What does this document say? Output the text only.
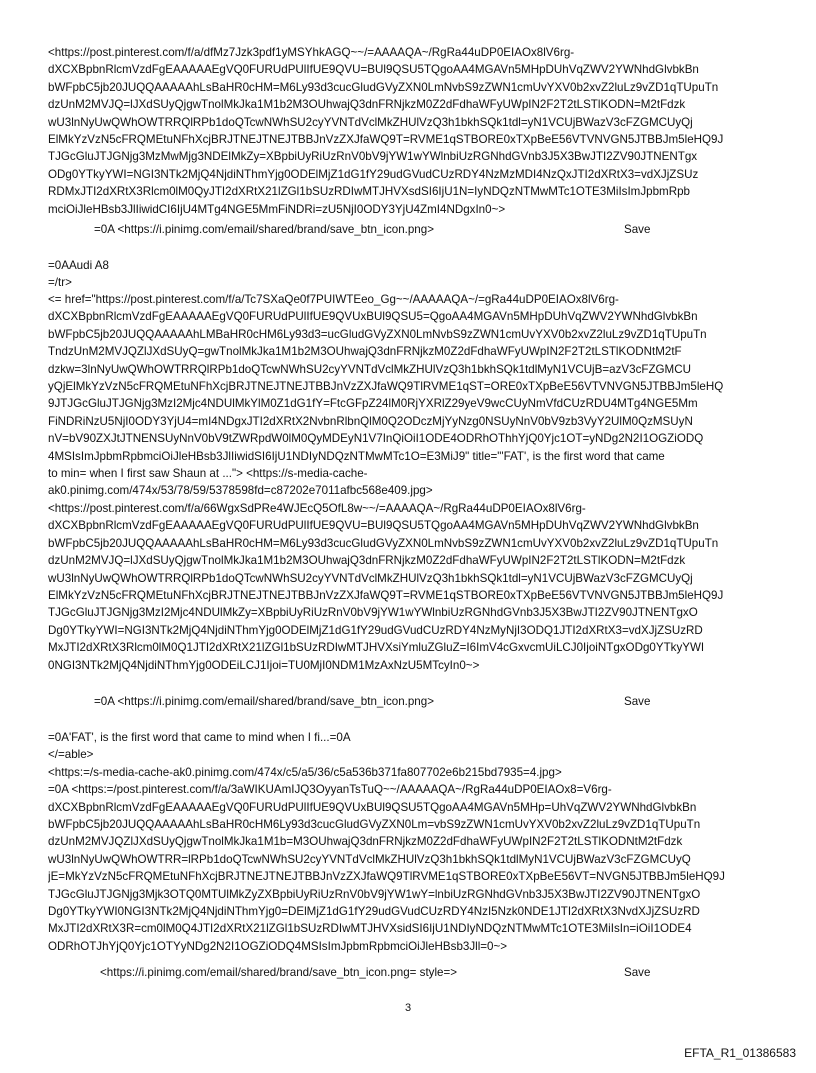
<https://post.pinterest.com/f/a/dfMz7Jzk3pdf1yMSYhkAGQ~~/=AAAAQA~/RgRa44uDP0EIAOx8lV6rg-
dXCXBpbnRlcmVzdFgEAAAAAEgVQ0FURUdPUlIfUE9QVU=BUl9QSU5TQgoAA4MGAVn5MHpDUhVqZWV2YWNhdGlvbkBn
bWFpbC5jb20JUQQAAAAAhLsBaHR0cHM=M6Ly93d3cucGludGVyZXN0LmNvbS9zZWN1cmUvYXV0b2xvZ2luLz9vZD1qTUpuTn
dzUnM2MVJQ=lJXdSUyQjgwTnolMkJka1M1b2M3OUhwajQ3dnFRNjkzM0Z2dFdhaWFyUWpIN2F2T2tLSTlKODN=M2tFdzk
wU3lnNyUwQWhOWTRRQlRPb1doQTcwNWhSU2cyYVNTdVclMkZHUlVzQ3h1bkhSQk1tdl=yN1VCUjBWazV3cFZGMCUyQj
ElMkYzVzN5cFRQMEtuNFhXcjBRJTNEJTNEJTBBJnVzZXJfaWQ9T=RVME1qSTBORE0xTXpBeE56VTVNVGN5JTBBJm5leHQ9J
TJGcGluJTJGNjg3MzMwMjg3NDElMkZy=XBpbiUyRiUzRnV0bV9jYW1wYWlnbiUzRGNhdGVnb3J5X3BwJTI2ZV90JTNENTgx
ODg0YTkyYWI=NGI3NTk2MjQ4NjdiNThmYjg0ODElMjZ1dG1fY29udGVudCUzRDY4NzMzMDI4NzQxJTI2dXRtX3=vdXJjZSUz
RDMxJTI2dXRtX3Rlcm0lM0QyJTI2dXRtX21lZGl1bSUzRDIwMTJHVXsdSI6IjU1N=IyNDQzNTMwMTc1OTE3MiIsImJpbmRpb
mciOiJleHBsb3JlIiwidCI6IjU4MTg4NGE5MmFiNDRi=zU5NjI0ODY3YjU4ZmI4NDgxIn0~>
=0A <https://i.pinimg.com/email/shared/brand/save_btn_icon.png>	Save
=0AAudi A8
=/tr>
<= href="https://post.pinterest.com/f/a/Tc7SXaQe0f7PUIWTEeo_Gg~~/AAAAAQA~/=gRa44uDP0EIAOx8lV6rg-
dXCXBpbnRlcmVzdFgEAAAAAEgVQ0FURUdPUlIfUE9QVUxBUl9QSU5=QgoAA4MGAVn5MHpDUhVqZWV2YWNhdGlvbkBn
bWFpbC5jb20JUQQAAAAAhLMBaHR0cHM6Ly93d3=ucGludGVyZXN0LmNvbS9zZWN1cmUvYXV0b2xvZ2luLz9vZD1qTUpuTn
TndzUnM2MVJQZlJXdSUyQ=gwTnolMkJka1M1b2M3OUhwajQ3dnFRNjkzM0Z2dFdhaWFyUWpIN2F2T2tLSTlKODNtM2tF
dzkw=3lnNyUwQWhOWTRRQlRPb1doQTcwNWhSU2cyYVNTdVclMkZHUlVzQ3h1bkhSQk1tdlMyN1VCUjB=azV3cFZGMCU
yQjElMkYzVzN5cFRQMEtuNFhXcjBRJTNEJTNEJTBBJnVzZXJfaWQ9TlRVME1qST=ORE0xTXpBeE56VTVNVGN5JTBBJm5leHQ
9JTJGcGluJTJGNjg3MzI2Mjc4NDUlMkYlM0Z1dG1fY=FtcGFpZ24lM0RjYXRlZ29yeV9wcCUyNmVfdCUzRDU4MTg4NGE5Mm
FiNDRiNzU5NjI0ODY3YjU4=mI4NDgxJTI2dXRtX2NvbnRlbnQlM0Q2ODczMjYyNzg0NSUyNnV0bV9zb3VyY2UlM0QzMSUyN
nV=bV90ZXJtJTNENSUyNnV0bV9tZWRpdW0lM0QyMDEyN1V7InQiOiI1ODE4ODRhOThhYjQ0Yjc1OT=yNDg2N2I1OGZiODQ
4MSIsImJpbmRpbmciOiJleHBsb3JlIiwidSI6IjU1NDIyNDQzNTMwMTc1O=E3MiJ9" title="'FAT', is the first word that came
to min= when I first saw Shaun at ..."> <https://s-media-cache-
ak0.pinimg.com/474x/53/78/59/5378598fd=c87202e7011afbc568e409.jpg>
<https://post.pinterest.com/f/a/66WgxSdPRe4WJEcQ5OfL8w~~/=AAAAQA~/RgRa44uDP0EIAOx8lV6rg-
dXCXBpbnRlcmVzdFgEAAAAAEgVQ0FURUdPUlIfUE9QVU=BUl9QSU5TQgoAA4MGAVn5MHpDUhVqZWV2YWNhdGlvbkBn
bWFpbC5jb20JUQQAAAAAhLsBaHR0cHM=M6Ly93d3cucGludGVyZXN0LmNvbS9zZWN1cmUvYXV0b2xvZ2luLz9vZD1qTUpuTn
dzUnM2MVJQ=lJXdSUyQjgwTnolMkJka1M1b2M3OUhwajQ3dnFRNjkzM0Z2dFdhaWFyUWpIN2F2T2tLSTlKODN=M2tFdzk
wU3lnNyUwQWhOWTRRQlRPb1doQTcwNWhSU2cyYVNTdVclMkZHUlVzQ3h1bkhSQk1tdl=yN1VCUjBWazV3cFZGMCUyQj
ElMkYzVzN5cFRQMEtuNFhXcjBRJTNEJTNEJTBBJnVzZXJfaWQ9T=RVME1qSTBORE0xTXpBeE56VTVNVGN5JTBBJm5leHQ9J
TJGcGluJTJGNjg3MzI2Mjc4NDUlMkZy=XBpbiUyRiUzRnV0bV9jYW1wYWlnbiUzRGNhdGVnb3J5X3BwJTI2ZV90JTNENTgxO
Dg0YTkyYWI=NGI3NTk2MjQ4NjdiNThmYjg0ODElMjZ1dG1fY29udGVudCUzRDY4NzMyNjI3ODQ1JTI2dXRtX3=vdXJjZSUzRD
MxJTI2dXRtX3Rlcm0lM0Q1JTI2dXRtX21lZGl1bSUzRDIwMTJHVXsiYmluZGluZ=I6ImV4cGxvcmUiLCJ0IjoiNTgxODg0YTkyYWI
0NGI3NTk2MjQ4NjdiNThmYjg0ODEiLCJ1Ijoi=TU0MjI0NDM1MzAxNzU5MTcyIn0~>
=0A <https://i.pinimg.com/email/shared/brand/save_btn_icon.png>	Save
=0A'FAT', is the first word that came to mind when I fi...=0A
</=able>
<https:=/s-media-cache-ak0.pinimg.com/474x/c5/a5/36/c5a536b371fa807702e6b215bd7935=4.jpg>
=0A <https:=/post.pinterest.com/f/a/3aWIKUAmIJQ3OyyanTsTuQ~~/AAAAAQA~/RgRa44uDP0EIAOx8=V6rg-
dXCXBpbnRlcmVzdFgEAAAAAEgVQ0FURUdPUlIfUE9QVUxBUl9QSU5TQgoAA4MGAVn5MHp=UhVqZWV2YWNhdGlvbkBn
bWFpbC5jb20JUQQAAAAAhLsBaHR0cHM6Ly93d3cucGludGVyZXN0Lm=vbS9zZWN1cmUvYXV0b2xvZ2luLz9vZD1qTUpuTn
dzUnM2MVJQZlJXdSUyQjgwTnolMkJka1M1b=M3OUhwajQ3dnFRNjkzM0Z2dFdhaWFyUWpIN2F2T2tLSTlKODNtM2tFdzk
wU3lnNyUwQWhOWTRR=lRPb1doQTcwNWhSU2cyYVNTdVclMkZHUlVzQ3h1bkhSQk1tdlMyN1VCUjBWazV3cFZGMCUyQ
jE=MkYzVzN5cFRQMEtuNFhXcjBRJTNEJTNEJTBBJnVzZXJfaWQ9TlRVME1qSTBORE0xTXpBeE56VT=NVGN5JTBBJm5leHQ9J
TJGcGluJTJGNjg3Mjk3OTQ0MTUlMkZyZXBpbiUyRiUzRnV0bV9jYW1wY=lnbiUzRGNhdGVnb3J5X3BwJTI2ZV90JTNENTgxO
Dg0YTkyYWI0NGI3NTk2MjQ4NjdiNThmYjg0=DElMjZ1dG1fY29udGVudCUzRDY4NzI5Nzk0NDE1JTI2dXRtX3NvdXJjZSUzRD
MxJTI2dXRtX3R=cm0lM0Q4JTI2dXRtX21lZGl1bSUzRDIwMTJHVXsidSI6IjU1NDIyNDQzNTMwMTc1OTE3MiIsIn=iOiI1ODE4
ODRhOTJhYjQ0Yjc1OTYyNDg2N2I1OGZiODQ4MSIsImJpbmRpbmciOiJleHBsb3Jll=0~>
<https://i.pinimg.com/email/shared/brand/save_btn_icon.png= style=>	Save
3
EFTA_R1_01386583
